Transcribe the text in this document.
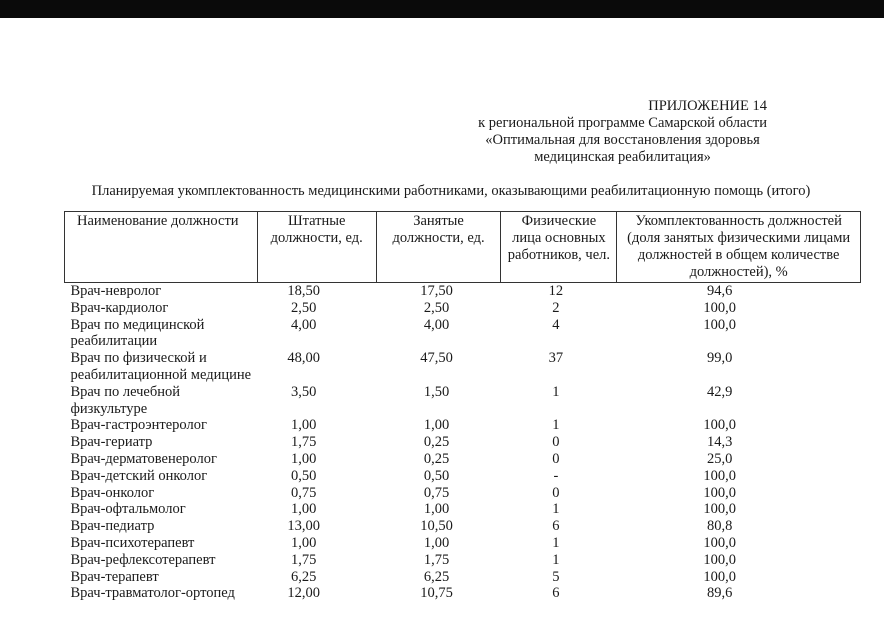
ПРИЛОЖЕНИЕ 14
к региональной программе Самарской области
«Оптимальная для восстановления здоровья
медицинская реабилитация»
Планируемая укомплектованность медицинскими работниками, оказывающими реабилитационную помощь (итого)
Наименование должности	Штатные должности, ед.	Занятые должности, ед.	Физические лица основных работников, чел.	Укомплектованность должностей (доля занятых физическими лицами должностей в общем количестве должностей), %
Врач-невролог	18,50	17,50	12	94,6
Врач-кардиолог	2,50	2,50	2	100,0
Врач по медицинской реабилитации	4,00	4,00	4	100,0
Врач по физической и реабилитационной медицине	48,00	47,50	37	99,0
Врач по лечебной физкультуре	3,50	1,50	1	42,9
Врач-гастроэнтеролог	1,00	1,00	1	100,0
Врач-гериатр	1,75	0,25	0	14,3
Врач-дерматовенеролог	1,00	0,25	0	25,0
Врач-детский онколог	0,50	0,50	-	100,0
Врач-онколог	0,75	0,75	0	100,0
Врач-офтальмолог	1,00	1,00	1	100,0
Врач-педиатр	13,00	10,50	6	80,8
Врач-психотерапевт	1,00	1,00	1	100,0
Врач-рефлексотерапевт	1,75	1,75	1	100,0
Врач-терапевт	6,25	6,25	5	100,0
Врач-травматолог-ортопед	12,00	10,75	6	89,6
